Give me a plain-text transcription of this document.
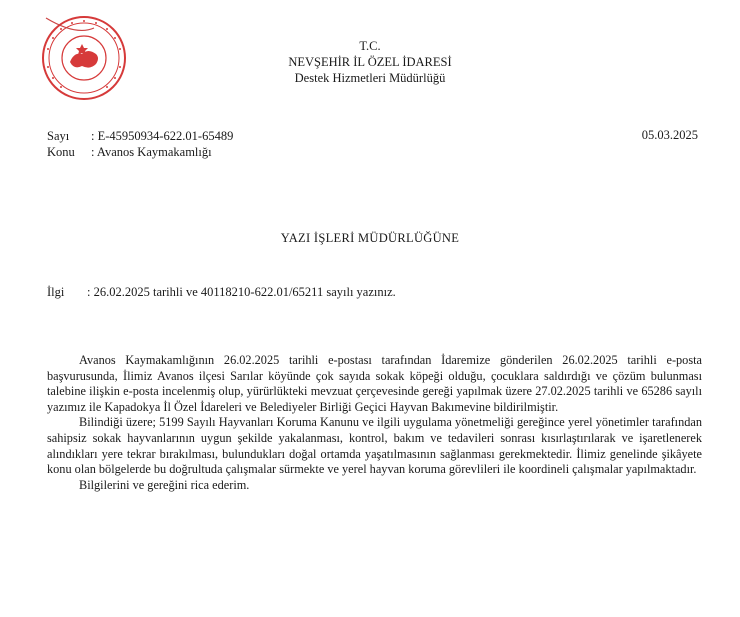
T.C.
NEVŞEHİR İL ÖZEL İDARESİ
Destek Hizmetleri Müdürlüğü
Sayı : E-45950934-622.01-65489
Konu : Avanos Kaymakamlığı
05.03.2025
YAZI İŞLERİ MÜDÜRLÜĞÜNE
İlgi : 26.02.2025 tarihli ve 40118210-622.01/65211 sayılı yazınız.

Avanos Kaymakamlığının 26.02.2025 tarihli e-postası tarafından İdaremize gönderilen 26.02.2025 tarihli e-posta başvurusunda, İlimiz Avanos ilçesi Sarılar köyünde çok sayıda sokak köpeği olduğu, çocuklara saldırdığı ve çözüm bulunması talebine ilişkin e-posta incelenmiş olup, yürürlükteki mevzuat çerçevesinde gereği yapılmak üzere 27.02.2025 tarihli ve 65286 sayılı yazımız ile Kapadokya İl Özel İdareleri ve Belediyeler Birliği Geçici Hayvan Bakımevine bildirilmiştir.

Bilindiği üzere; 5199 Sayılı Hayvanları Koruma Kanunu ve ilgili uygulama yönetmeliği gereğince yerel yönetimler tarafından sahipsiz sokak hayvanlarının uygun şekilde yakalanması, kontrol, bakım ve tedavileri sonrası kısırlaştırılarak ve işaretlenerek alındıkları yere tekrar bırakılması, bulundukları doğal ortamda yaşatılmasının sağlanması gerekmektedir. İlimiz genelinde şikâyete konu olan bölgelerde bu doğrultuda çalışmalar sürmekte ve yerel hayvan koruma görevlileri ile koordineli çalışmalar yapılmaktadır.

Bilgilerini ve gereğini rica ederim.
